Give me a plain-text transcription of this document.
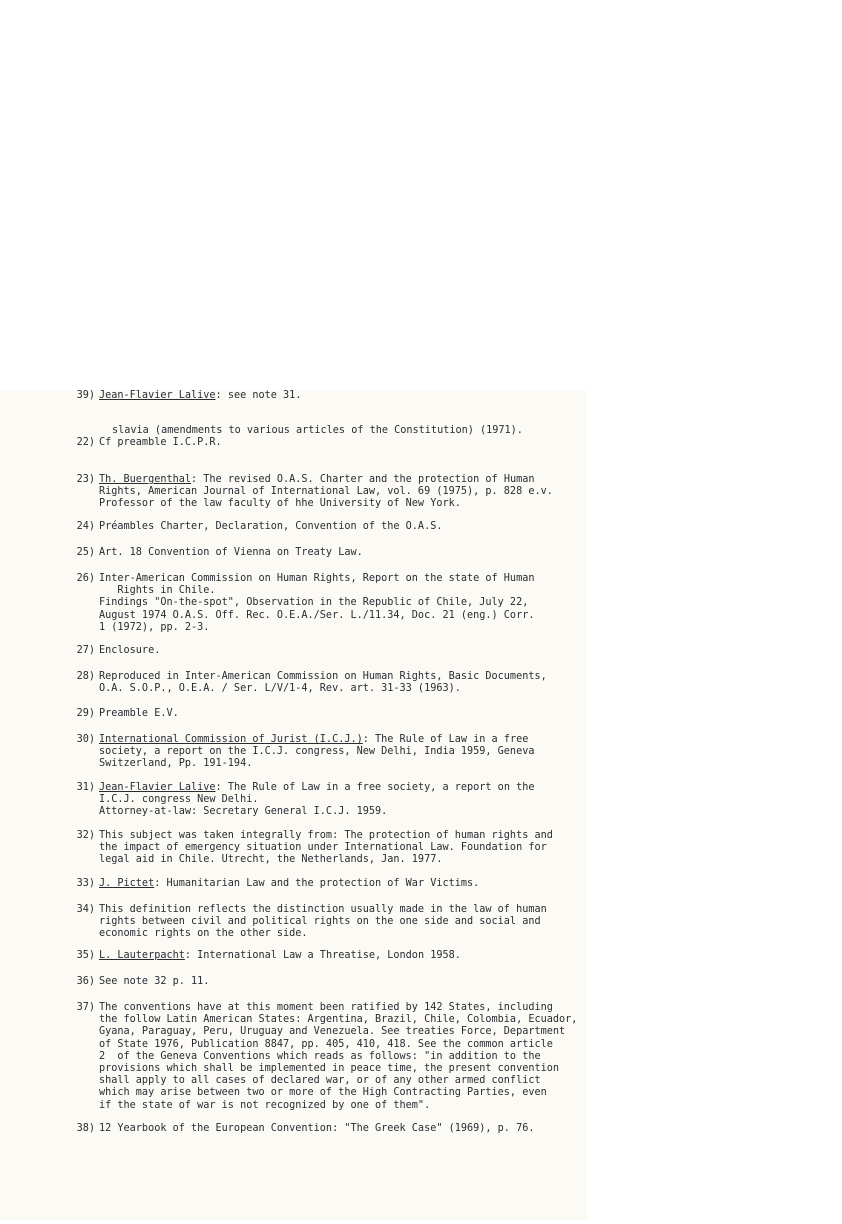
slavia (amendments to various articles of the Constitution) (1971).
22) Cf preamble I.C.P.R.
23) Th. Buergenthal: The revised O.A.S. Charter and the protection of Human
Rights, American Journal of International Law, vol. 69 (1975), p. 828 e.v.
Professor of the law faculty of hhe University of New York.
24) Préambles Charter, Declaration, Convention of the O.A.S.
25) Art. 18 Convention of Vienna on Treaty Law.
26) Inter-American Commission on Human Rights, Report on the state of Human
Rights in Chile.
Findings "On-the-spot", Observation in the Republic of Chile, July 22,
August 1974 O.A.S. Off. Rec. O.E.A./Ser. L./11.34, Doc. 21 (eng.) Corr.
1 (1972), pp. 2-3.
27) Enclosure.
28) Reproduced in Inter-American Commission on Human Rights, Basic Documents,
O.A. S.O.P., O.E.A. / Ser. L/V/1-4, Rev. art. 31-33 (1963).
29) Preamble E.V.
30) International Commission of Jurist (I.C.J.): The Rule of Law in a free
society, a report on the I.C.J. congress, New Delhi, India 1959, Geneva
Switzerland, Pp. 191-194.
31) Jean-Flavier Lalive: The Rule of Law in a free society, a report on the
I.C.J. congress New Delhi.
Attorney-at-law: Secretary General I.C.J. 1959.
32) This subject was taken integrally from: The protection of human rights and
the impact of emergency situation under International Law. Foundation for
legal aid in Chile. Utrecht, the Netherlands, Jan. 1977.
33) J. Pictet: Humanitarian Law and the protection of War Victims.
34) This definition reflects the distinction usually made in the law of human
rights between civil and political rights on the one side and social and
economic rights on the other side.
35) L. Lauterpacht: International Law a Threatise, London 1958.
36) See note 32 p. 11.
37) The conventions have at this moment been ratified by 142 States, including
the follow Latin American States: Argentina, Brazil, Chile, Colombia, Ecuador,
Gyana, Paraguay, Peru, Uruguay and Venezuela. See treaties Force, Department
of State 1976, Publication 8847, pp. 405, 410, 418. See the common article
2  of the Geneva Conventions which reads as follows: "in addition to the
provisions which shall be implemented in peace time, the present convention
shall apply to all cases of declared war, or of any other armed conflict
which may arise between two or more of the High Contracting Parties, even
if the state of war is not recognized by one of them".
38) 12 Yearbook of the European Convention: "The Greek Case" (1969), p. 76.
39) Jean-Flavier Lalive: see note 31.
